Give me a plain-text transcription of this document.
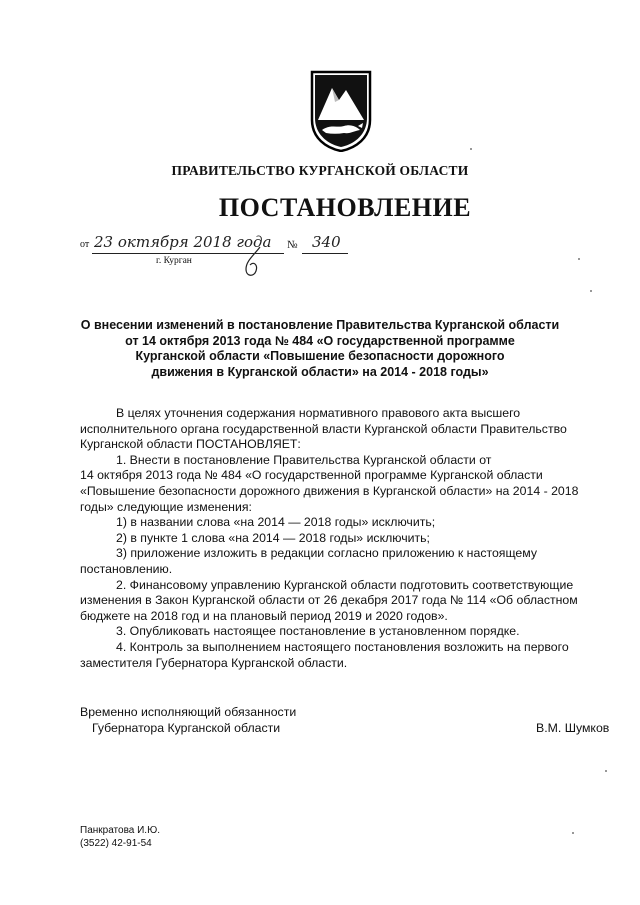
ПРАВИТЕЛЬСТВО КУРГАНСКОЙ ОБЛАСТИ
ПОСТАНОВЛЕНИЕ
от 23 октября 2018 года № 340
г. Курган
О внесении изменений в постановление Правительства Курганской области
от 14 октября 2013 года № 484 «О государственной программе
Курганской области «Повышение безопасности дорожного
движения в Курганской области» на 2014 - 2018 годы»

В целях уточнения содержания нормативного правового акта высшего

исполнительного органа государственной власти Курганской области Правительство

Курганской области ПОСТАНОВЛЯЕТ:

1. Внести в постановление Правительства Курганской области от

14 октября 2013 года № 484 «О государственной программе Курганской области

«Повышение безопасности дорожного движения в Курганской области» на 2014 - 2018

годы» следующие изменения:

1) в названии слова «на 2014 — 2018 годы» исключить;

2) в пункте 1 слова «на 2014 — 2018 годы» исключить;

3) приложение изложить в редакции согласно приложению к настоящему

постановлению.

2. Финансовому управлению Курганской области подготовить соответствующие

изменения в Закон Курганской области от 26 декабря 2017 года № 114 «Об областном

бюджете на 2018 год и на плановый период 2019 и 2020 годов».

3. Опубликовать настоящее постановление в установленном порядке.

4. Контроль за выполнением настоящего постановления возложить на первого

заместителя Губернатора Курганской области.

Временно исполняющий обязанности
Губернатора Курганской области	В.М. Шумков
Панкратова И.Ю.
(3522) 42-91-54
